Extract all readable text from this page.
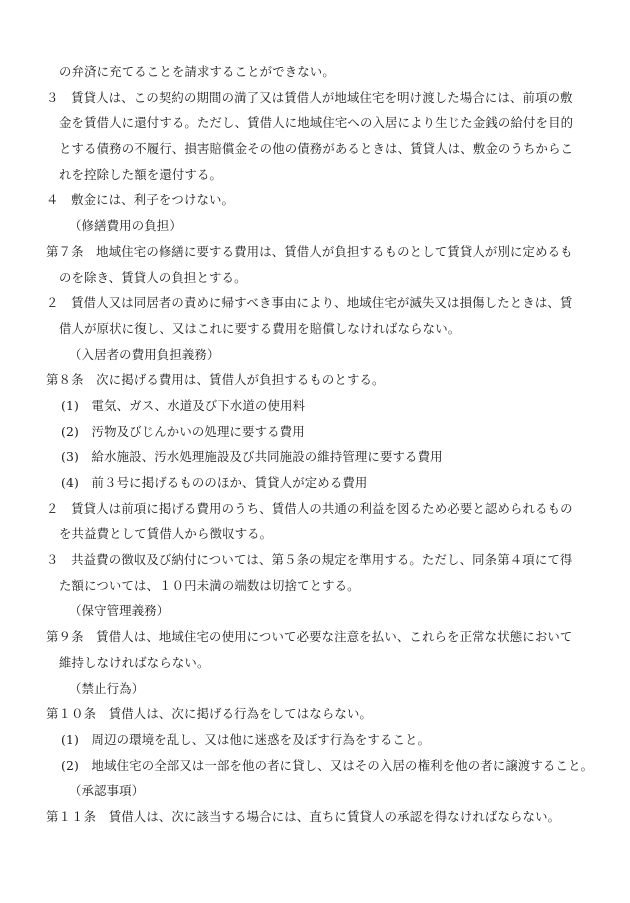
の弁済に充てることを請求することができない。
３　賃貸人は、この契約の期間の満了又は賃借人が地域住宅を明け渡した場合には、前項の敷
金を賃借人に還付する。ただし、賃借人に地域住宅への入居により生じた金銭の給付を目的
とする債務の不履行、損害賠償金その他の債務があるときは、賃貸人は、敷金のうちからこ
れを控除した額を還付する。
４　敷金には、利子をつけない。
（修繕費用の負担）
第７条　地域住宅の修繕に要する費用は、賃借人が負担するものとして賃貸人が別に定めるも
のを除き、賃貸人の負担とする。
２　賃借人又は同居者の責めに帰すべき事由により、地域住宅が滅失又は損傷したときは、賃
借人が原状に復し、又はこれに要する費用を賠償しなければならない。
（入居者の費用負担義務）
第８条　次に掲げる費用は、賃借人が負担するものとする。
(1)　電気、ガス、水道及び下水道の使用料
(2)　汚物及びじんかいの処理に要する費用
(3)　給水施設、汚水処理施設及び共同施設の維持管理に要する費用
(4)　前３号に掲げるもののほか、賃貸人が定める費用
２　賃貸人は前項に掲げる費用のうち、賃借人の共通の利益を図るため必要と認められるもの
を共益費として賃借人から徴収する。
３　共益費の徴収及び納付については、第５条の規定を準用する。ただし、同条第４項にて得
た額については、１０円未満の端数は切捨てとする。
（保守管理義務）
第９条　賃借人は、地域住宅の使用について必要な注意を払い、これらを正常な状態において
維持しなければならない。
（禁止行為）
第１０条　賃借人は、次に掲げる行為をしてはならない。
(1)　周辺の環境を乱し、又は他に迷惑を及ぼす行為をすること。
(2)　地域住宅の全部又は一部を他の者に貸し、又はその入居の権利を他の者に譲渡すること。
（承認事項）
第１１条　賃借人は、次に該当する場合には、直ちに賃貸人の承認を得なければならない。
